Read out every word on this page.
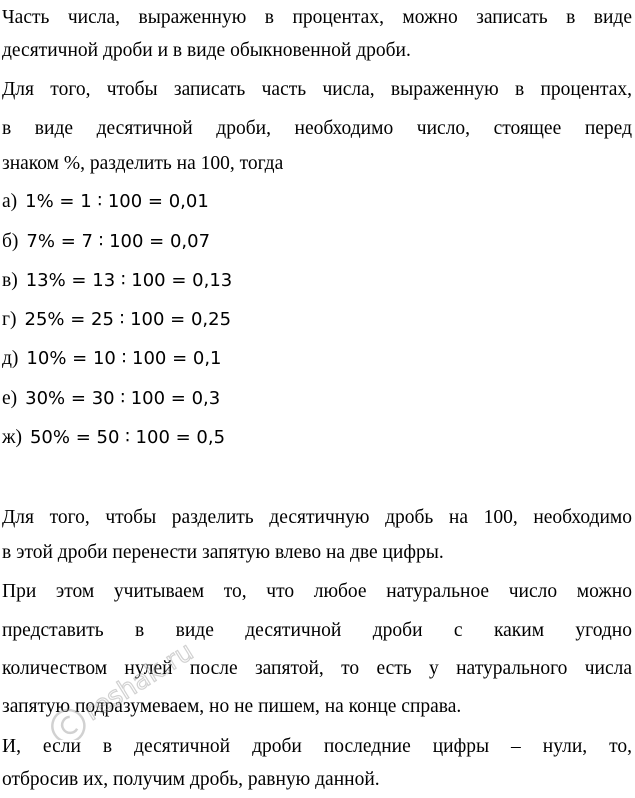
Часть числа, выраженную в процентах, можно записать в виде
десятичной дроби и в виде обыкновенной дроби.
Для того, чтобы записать часть числа, выраженную в процентах,
в виде десятичной дроби, необходимо число, стоящее перед
знаком %, разделить на 100, тогда
а) 1% = 1 ∶ 100 = 0,01
б) 7% = 7 ∶ 100 = 0,07
в) 13% = 13 ∶ 100 = 0,13
г) 25% = 25 ∶ 100 = 0,25
д) 10% = 10 ∶ 100 = 0,1
е) 30% = 30 ∶ 100 = 0,3
ж) 50% = 50 ∶ 100 = 0,5
Для того, чтобы разделить десятичную дробь на 100, необходимо
в этой дроби перенести запятую влево на две цифры.
При этом учитываем то, что любое натуральное число можно
представить в виде десятичной дроби с каким угодно
количеством нулей после запятой, то есть у натурального числа
запятую подразумеваем, но не пишем, на конце справа.
И, если в десятичной дроби последние цифры – нули, то,
отбросив их, получим дробь, равную данной.
reshak.ru
